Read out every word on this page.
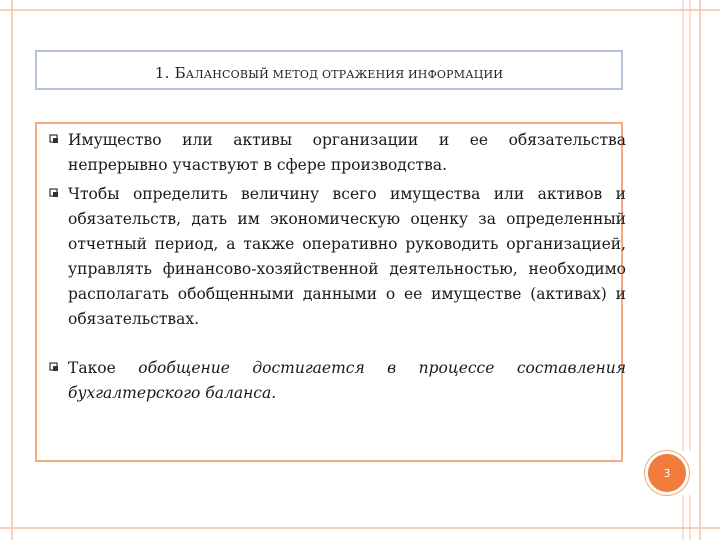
1. БАЛАНСОВЫЙ МЕТОД ОТРАЖЕНИЯ ИНФОРМАЦИИ

Имущество или активы организации и ее обязательства непрерывно участвуют в сфере производства.

Чтобы определить величину всего имущества или активов и обязательств, дать им экономическую оценку за определенный отчетный период, а также оперативно руководить организацией, управлять финансово-хозяйственной деятельностью, необходимо располагать обобщенными данными о ее имуществе (активах) и обязательствах.

Такое обобщение достигается в процессе составления бухгалтерского баланса.

3
